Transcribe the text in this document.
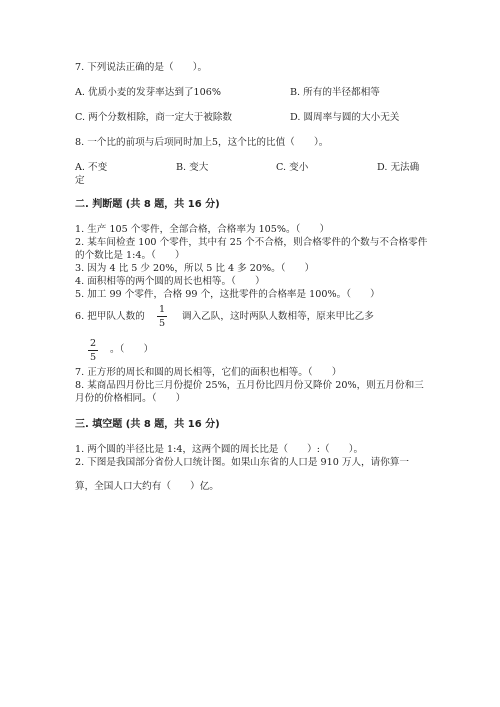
7. 下列说法正确的是（　　）。
A. 优质小麦的发芽率达到了106%	B. 所有的半径都相等
C. 两个分数相除，商一定大于被除数	D. 圆周率与圆的大小无关
8. 一个比的前项与后项同时加上5，这个比的比值（　　）。
A. 不变	B. 变大	C. 变小	D. 无法确
定
二. 判断题 (共 8 题，共 16 分)
1. 生产 105 个零件，全部合格，合格率为 105%。（　　）
2. 某车间检查 100 个零件，其中有 25 个不合格，则合格零件的个数与不合格零件
的个数比是 1:4。（　　）
3. 因为 4 比 5 少 20%，所以 5 比 4 多 20%。（　　）
4. 面积相等的两个圆的周长也相等。（　　）
5. 加工 99 个零件，合格 99 个，这批零件的合格率是 100%。（　　）
6. 把甲队人数的
1
5
调入乙队，这时两队人数相等，原来甲比乙多
2
5
。（　　）
7. 正方形的周长和圆的周长相等，它们的面积也相等。（　　）
8. 某商品四月份比三月份提价 25%，五月份比四月份又降价 20%，则五月份和三
月份的价格相同。（　　）
三. 填空题 (共 8 题，共 16 分)
1. 两个圆的半径比是 1:4，这两个圆的周长比是（　　）:（　　）。
2. 下图是我国部分省份人口统计图。如果山东省的人口是 910 万人，请你算一
算，全国人口大约有（　　）亿。
